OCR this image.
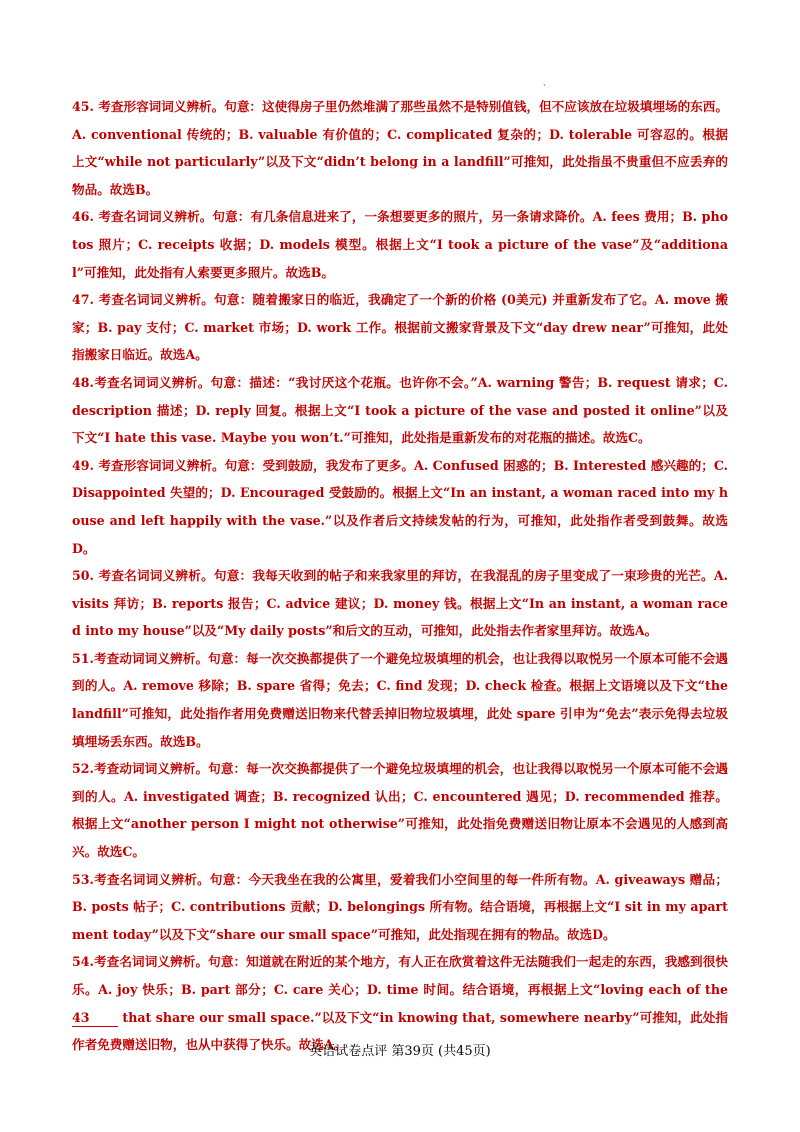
ˎ

45. 考查形容词词义辨析。句意：这使得房子里仍然堆满了那些虽然不是特别值钱，但不应该放在垃圾填埋场的东西。A. conventional 传统的；B. valuable 有价值的；C. complicated 复杂的；D. tolerable 可容忍的。根据上文“while not particularly”以及下文“didn’t belong in a landfill”可推知，此处指虽不贵重但不应丢弃的物品。故选B。

46. 考查名词词义辨析。句意：有几条信息进来了，一条想要更多的照片，另一条请求降价。A. fees 费用；B. photos 照片；C. receipts 收据；D. models 模型。根据上文“I took a picture of the vase”及“additional”可推知，此处指有人索要更多照片。故选B。

47. 考查名词词义辨析。句意：随着搬家日的临近，我确定了一个新的价格 (0美元) 并重新发布了它。A. move 搬家；B. pay 支付；C. market 市场；D. work 工作。根据前文搬家背景及下文“day drew near”可推知，此处指搬家日临近。故选A。

48.考查名词词义辨析。句意：描述：“我讨厌这个花瓶。也许你不会。”A. warning 警告；B. request 请求；C. description 描述；D. reply 回复。根据上文“I took a picture of the vase and posted it online”以及下文“I hate this vase. Maybe you won’t.”可推知，此处指是重新发布的对花瓶的描述。故选C。

49. 考查形容词词义辨析。句意：受到鼓励，我发布了更多。A. Confused 困惑的；B. Interested 感兴趣的；C. Disappointed 失望的；D. Encouraged 受鼓励的。根据上文“In an instant, a woman raced into my house and left happily with the vase.”以及作者后文持续发帖的行为，可推知，此处指作者受到鼓舞。故选D。

50. 考查名词词义辨析。句意：我每天收到的帖子和来我家里的拜访，在我混乱的房子里变成了一束珍贵的光芒。A. visits 拜访；B. reports 报告；C. advice 建议；D. money 钱。根据上文“In an instant, a woman raced into my house”以及“My daily posts”和后文的互动，可推知，此处指去作者家里拜访。故选A。

51.考查动词词义辨析。句意：每一次交换都提供了一个避免垃圾填埋的机会，也让我得以取悦另一个原本可能不会遇到的人。A. remove 移除；B. spare 省得；免去；C. find 发现；D. check 检查。根据上文语境以及下文“the landfill”可推知，此处指作者用免费赠送旧物来代替丢掉旧物垃圾填埋，此处 spare 引申为“免去”表示免得去垃圾填埋场丢东西。故选B。

52.考查动词词义辨析。句意：每一次交换都提供了一个避免垃圾填埋的机会，也让我得以取悦另一个原本可能不会遇到的人。A. investigated 调查；B. recognized 认出；C. encountered 遇见；D. recommended 推荐。根据上文“another person I might not otherwise”可推知，此处指免费赠送旧物让原本不会遇见的人感到高兴。故选C。

53.考查名词词义辨析。句意：今天我坐在我的公寓里，爱着我们小空间里的每一件所有物。A. giveaways 赠品；B. posts 帖子；C. contributions 贡献；D. belongings 所有物。结合语境，再根据上文“I sit in my apartment today”以及下文“share our small space”可推知，此处指现在拥有的物品。故选D。

54.考查名词词义辨析。句意：知道就在附近的某个地方，有人正在欣赏着这件无法随我们一起走的东西，我感到很快乐。A. joy 快乐；B. part 部分；C. care 关心；D. time 时间。结合语境，再根据上文“loving each of the 43 that share our small space.”以及下文“in knowing that, somewhere nearby”可推知，此处指作者免费赠送旧物，也从中获得了快乐。故选A。

英语试卷点评 第39页 (共45页)
